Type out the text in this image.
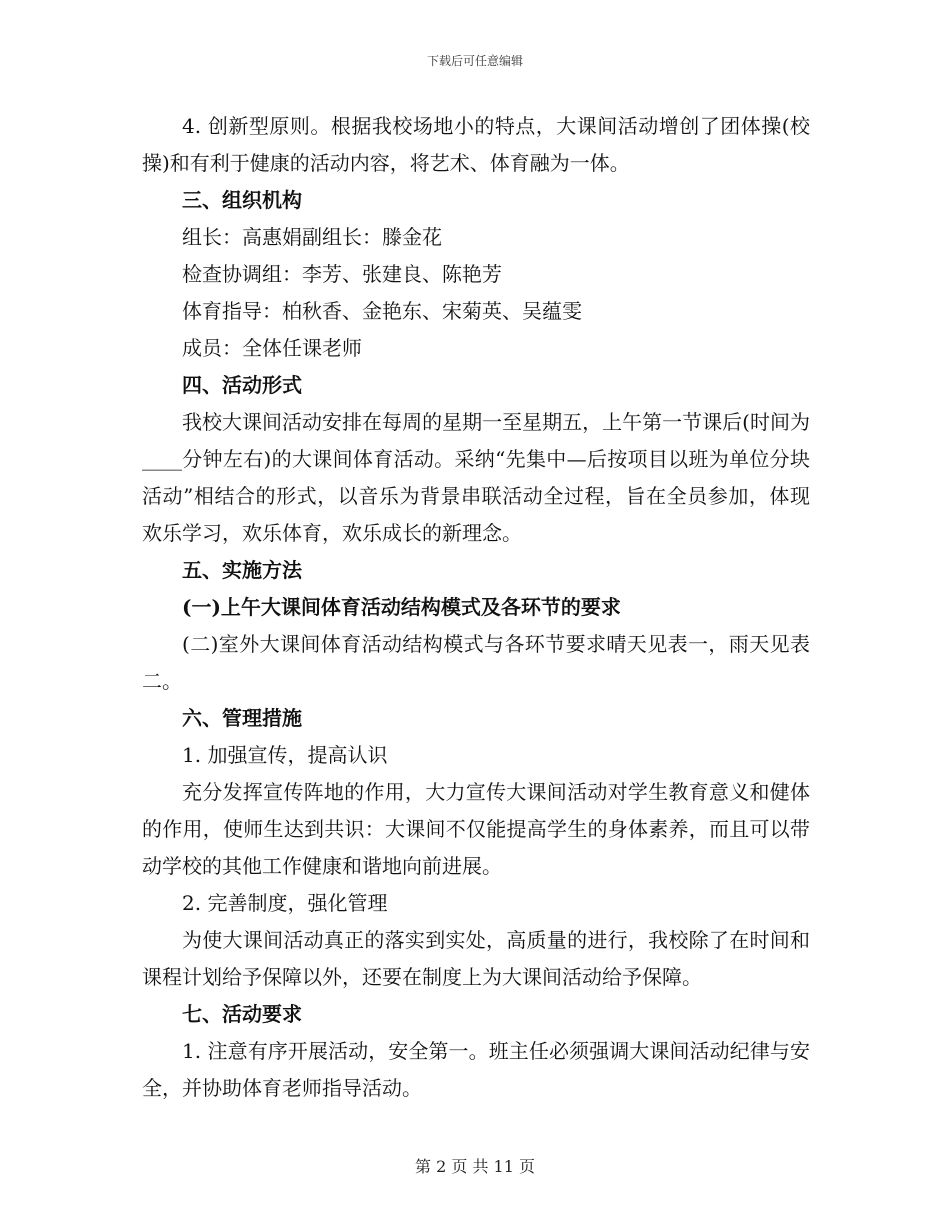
下载后可任意编辑

4. 创新型原则。根据我校场地小的特点，大课间活动增创了团体操(校操)和有利于健康的活动内容，将艺术、体育融为一体。

三、组织机构

组长：高惠娟副组长：滕金花

检查协调组：李芳、张建良、陈艳芳

体育指导：柏秋香、金艳东、宋菊英、吴蕴雯

成员：全体任课老师

四、活动形式

我校大课间活动安排在每周的星期一至星期五，上午第一节课后(时间为____分钟左右)的大课间体育活动。采纳“先集中—后按项目以班为单位分块活动”相结合的形式，以音乐为背景串联活动全过程，旨在全员参加，体现欢乐学习，欢乐体育，欢乐成长的新理念。

五、实施方法

(一)上午大课间体育活动结构模式及各环节的要求

(二)室外大课间体育活动结构模式与各环节要求晴天见表一，雨天见表二。

六、管理措施

1. 加强宣传，提高认识

充分发挥宣传阵地的作用，大力宣传大课间活动对学生教育意义和健体的作用，使师生达到共识：大课间不仅能提高学生的身体素养，而且可以带动学校的其他工作健康和谐地向前进展。

2. 完善制度，强化管理

为使大课间活动真正的落实到实处，高质量的进行，我校除了在时间和课程计划给予保障以外，还要在制度上为大课间活动给予保障。

七、活动要求

1. 注意有序开展活动，安全第一。班主任必须强调大课间活动纪律与安全，并协助体育老师指导活动。

第 2 页 共 11 页
